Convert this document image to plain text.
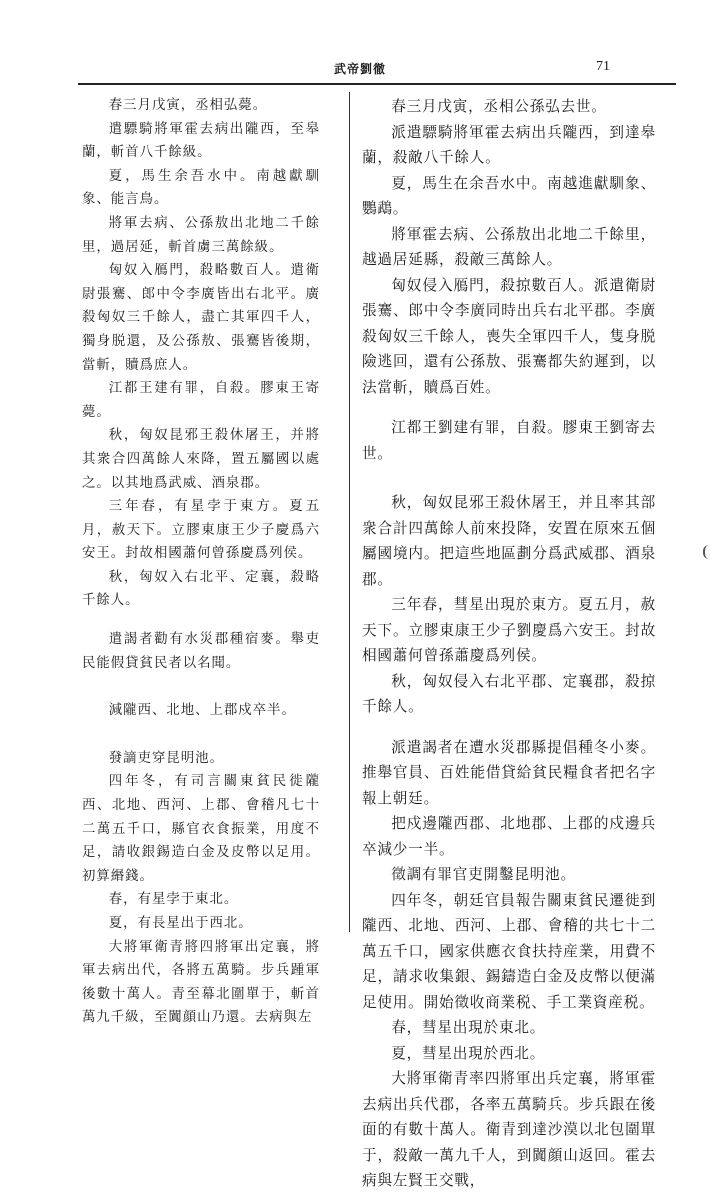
武帝劉徹	71

春三月戊寅，丞相弘薨。

遣驃騎將軍霍去病出隴西，至皋蘭，斬首八千餘級。

夏，馬生余吾水中。南越獻馴象、能言鳥。

將軍去病、公孫敖出北地二千餘里，過居延，斬首虜三萬餘級。

匈奴入鴈門，殺略數百人。遣衛尉張騫、郎中令李廣皆出右北平。廣殺匈奴三千餘人，盡亡其軍四千人，獨身脱還，及公孫敖、張騫皆後期，當斬，贖爲庶人。

江都王建有罪，自殺。膠東王寄薨。

秋，匈奴昆邪王殺休屠王，并將其衆合四萬餘人來降，置五屬國以處之。以其地爲武威、酒泉郡。

三年春，有星孛于東方。夏五月，赦天下。立膠東康王少子慶爲六安王。封故相國蕭何曾孫慶爲列侯。

秋，匈奴入右北平、定襄，殺略千餘人。

遣謁者勸有水災郡種宿麥。舉吏民能假貸貧民者以名聞。

減隴西、北地、上郡戍卒半。

發謫吏穿昆明池。

四年冬，有司言關東貧民徙隴西、北地、西河、上郡、會稽凡七十二萬五千口，縣官衣食振業，用度不足，請收銀錫造白金及皮幣以足用。初算緡錢。

春，有星孛于東北。

夏，有長星出于西北。

大將軍衛青將四將軍出定襄，將軍去病出代，各將五萬騎。步兵踵軍後數十萬人。青至幕北圍單于，斬首萬九千級，至闐顔山乃還。去病與左

春三月戊寅，丞相公孫弘去世。

派遣驃騎將軍霍去病出兵隴西，到達皋蘭，殺敵八千餘人。

夏，馬生在余吾水中。南越進獻馴象、鸚鵡。

將軍霍去病、公孫敖出北地二千餘里，越過居延縣，殺敵三萬餘人。

匈奴侵入鴈門，殺掠數百人。派遣衛尉張騫、郎中令李廣同時出兵右北平郡。李廣殺匈奴三千餘人，喪失全軍四千人，隻身脱險逃回，還有公孫敖、張騫都失約遲到，以法當斬，贖爲百姓。

江都王劉建有罪，自殺。膠東王劉寄去世。

秋，匈奴昆邪王殺休屠王，并且率其部衆合計四萬餘人前來投降，安置在原來五個屬國境内。把這些地區劃分爲武威郡、酒泉郡。

三年春，彗星出現於東方。夏五月，赦天下。立膠東康王少子劉慶爲六安王。封故相國蕭何曾孫蕭慶爲列侯。

秋，匈奴侵入右北平郡、定襄郡，殺掠千餘人。

派遣謁者在遭水災郡縣提倡種冬小麥。推舉官員、百姓能借貸給貧民糧食者把名字報上朝廷。

把戍邊隴西郡、北地郡、上郡的戍邊兵卒減少一半。

徵調有罪官吏開鑿昆明池。

四年冬，朝廷官員報告關東貧民遷徙到隴西、北地、西河、上郡、會稽的共七十二萬五千口，國家供應衣食扶持産業，用費不足，請求收集銀、錫鑄造白金及皮幣以便滿足使用。開始徵收商業税、手工業資産税。

春，彗星出現於東北。

夏，彗星出現於西北。

大將軍衛青率四將軍出兵定襄，將軍霍去病出兵代郡，各率五萬騎兵。步兵跟在後面的有數十萬人。衛青到達沙漠以北包圍單于，殺敵一萬九千人，到闐顔山返回。霍去病與左賢王交戰，
